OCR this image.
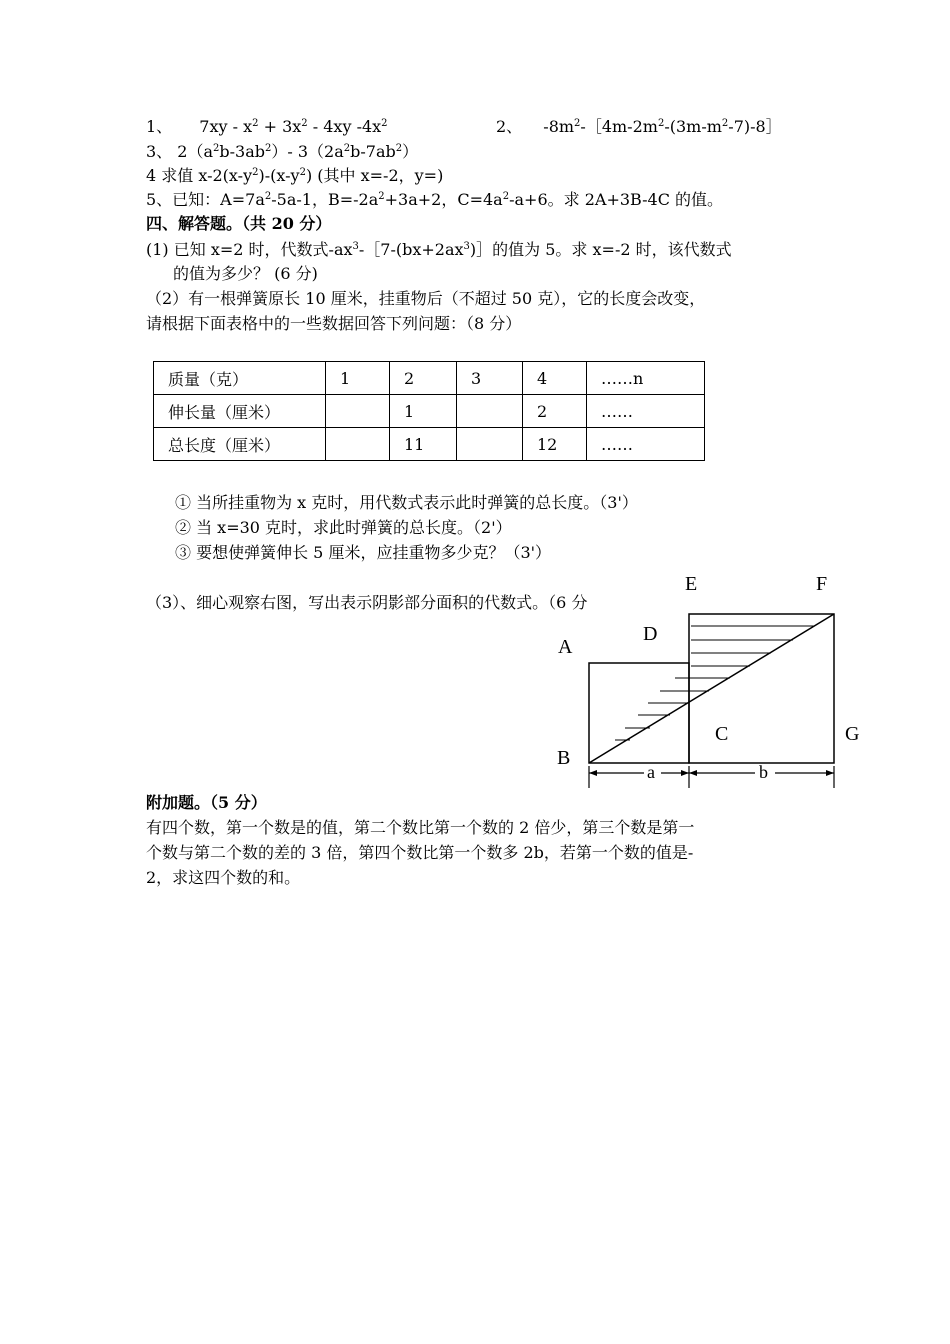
1、 $7xy - x^2 + 3x^2 - 4xy$ $-4x^2$	2、 $-8m^2-[4m-2m^2-(3m-m^2-7)-8]$
3、 $2(a^2b-3ab^2)-$ $3(2a^2b-7ab^2)$
4 求值 $x-2(x-y^2)-(x-y^2)$ (其中 x=-2，y=)
5、已知：$A=7a^2-5a-1$，$B=-2a^2+3a+2$，$C=4a^2-a+6$。求 2A+3B-4C 的值。
四、解答题。（共 20 分）
(1) 已知 x=2 时，代数式$-ax^3-[7-(bx+2ax^3)]$的值为 5。求 x=-2 时，该代数式
的值为多少？ (6 分)
（2）有一根弹簧原长 10 厘米，挂重物后（不超过 50 克），它的长度会改变，
请根据下面表格中的一些数据回答下列问题：（8 分）
质量（克）	1	2	3	4	……n
伸长量（厘米）		1		2	……
总长度（厘米）		11		12	……
① 当所挂重物为 x 克时，用代数式表示此时弹簧的总长度。（3'）
② 当 x=30 克时，求此时弹簧的总长度。（2'）
③ 要想使弹簧伸长 5 厘米，应挂重物多少克？（3'）
（3）、细心观察右图，写出表示阴影部分面积的代数式。（6 分
E	F
D
A
C	G
B
a	b
附加题。（5 分）
有四个数，第一个数是的值，第二个数比第一个数的 2 倍少，第三个数是第一
个数与第二个数的差的 3 倍，第四个数比第一个数多 2b，若第一个数的值是-
2，求这四个数的和。
